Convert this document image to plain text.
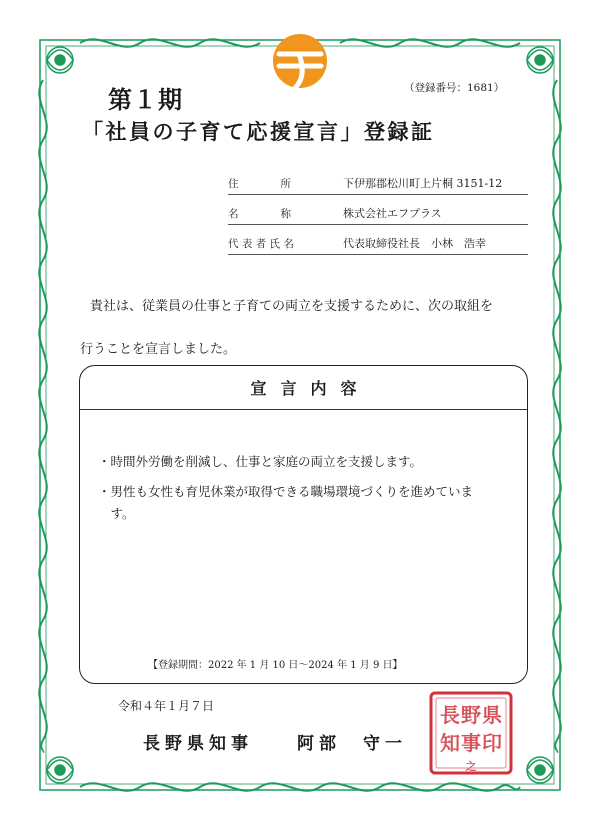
第１期	（登録番号：1681）
「社員の子育て応援宣言」登録証
住　　　　所	下伊那郡松川町上片桐 3151-12
名　　　　称	株式会社エフプラス
代 表 者 氏 名	代表取締役社長　小林　浩幸
貴社は、従業員の仕事と子育ての両立を支援するために、次の取組を
行うことを宣言しました。
宣言内容
・時間外労働を削減し、仕事と家庭の両立を支援します。
・男性も女性も育児休業が取得できる職場環境づくりを進めていま
　す。
【登録期間：2022 年 1 月 10 日～2024 年 1 月 9 日】
令和４年１月７日
長野県知事　　阿部　守一
県
印
野
事
長
知
之
